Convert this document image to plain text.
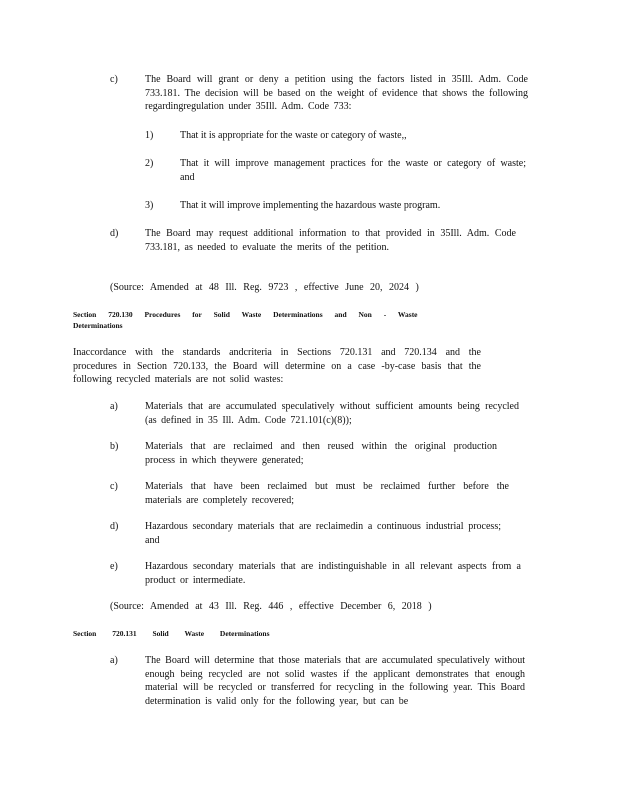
c)	The Board will grant or deny a petition using the factors listed in 35Ill. Adm. Code 733.181. The decision will be based on the weight of evidence that shows the following regardingregulation under 35Ill. Adm. Code 733:
1)	That it is appropriate for the waste or category of waste,,
2)	That it will improve management practices for the waste or category of waste; and
3)	That it will improve implementing the hazardous waste program.
d)	The Board may request additional information to that provided in 35Ill. Adm. Code 733.181, as needed to evaluate the merits of the petition.
(Source: Amended at 48 Ill. Reg. 9723 , effective June 20, 2024 )
Section 720.130 Procedures for Solid Waste Determinations and Non - Waste
Determinations
Inaccordance with the standards andcriteria in Sections 720.131 and 720.134 and the procedures in Section 720.133, the Board will determine on a case -by-case basis that the following recycled materials are not solid wastes:
a)	Materials that are accumulated speculatively without sufficient amounts being recycled (as defined in 35 Ill. Adm. Code 721.101(c)(8));
b)	Materials that are reclaimed and then reused within the original production process in which theywere generated;
c)	Materials that have been reclaimed but must be reclaimed further before the materials are completely recovered;
d)	Hazardous secondary materials that are reclaimedin a continuous industrial process; and
e)	Hazardous secondary materials that are indistinguishable in all relevant aspects from a product or intermediate.
(Source: Amended at 43 Ill. Reg. 446 , effective December 6, 2018 )
Section 720.131 Solid Waste Determinations
a)	The Board will determine that those materials that are accumulated speculatively without enough being recycled are not solid wastes if the applicant demonstrates that enough material will be recycled or transferred for recycling in the following year. This Board determination is valid only for the following year, but can be
